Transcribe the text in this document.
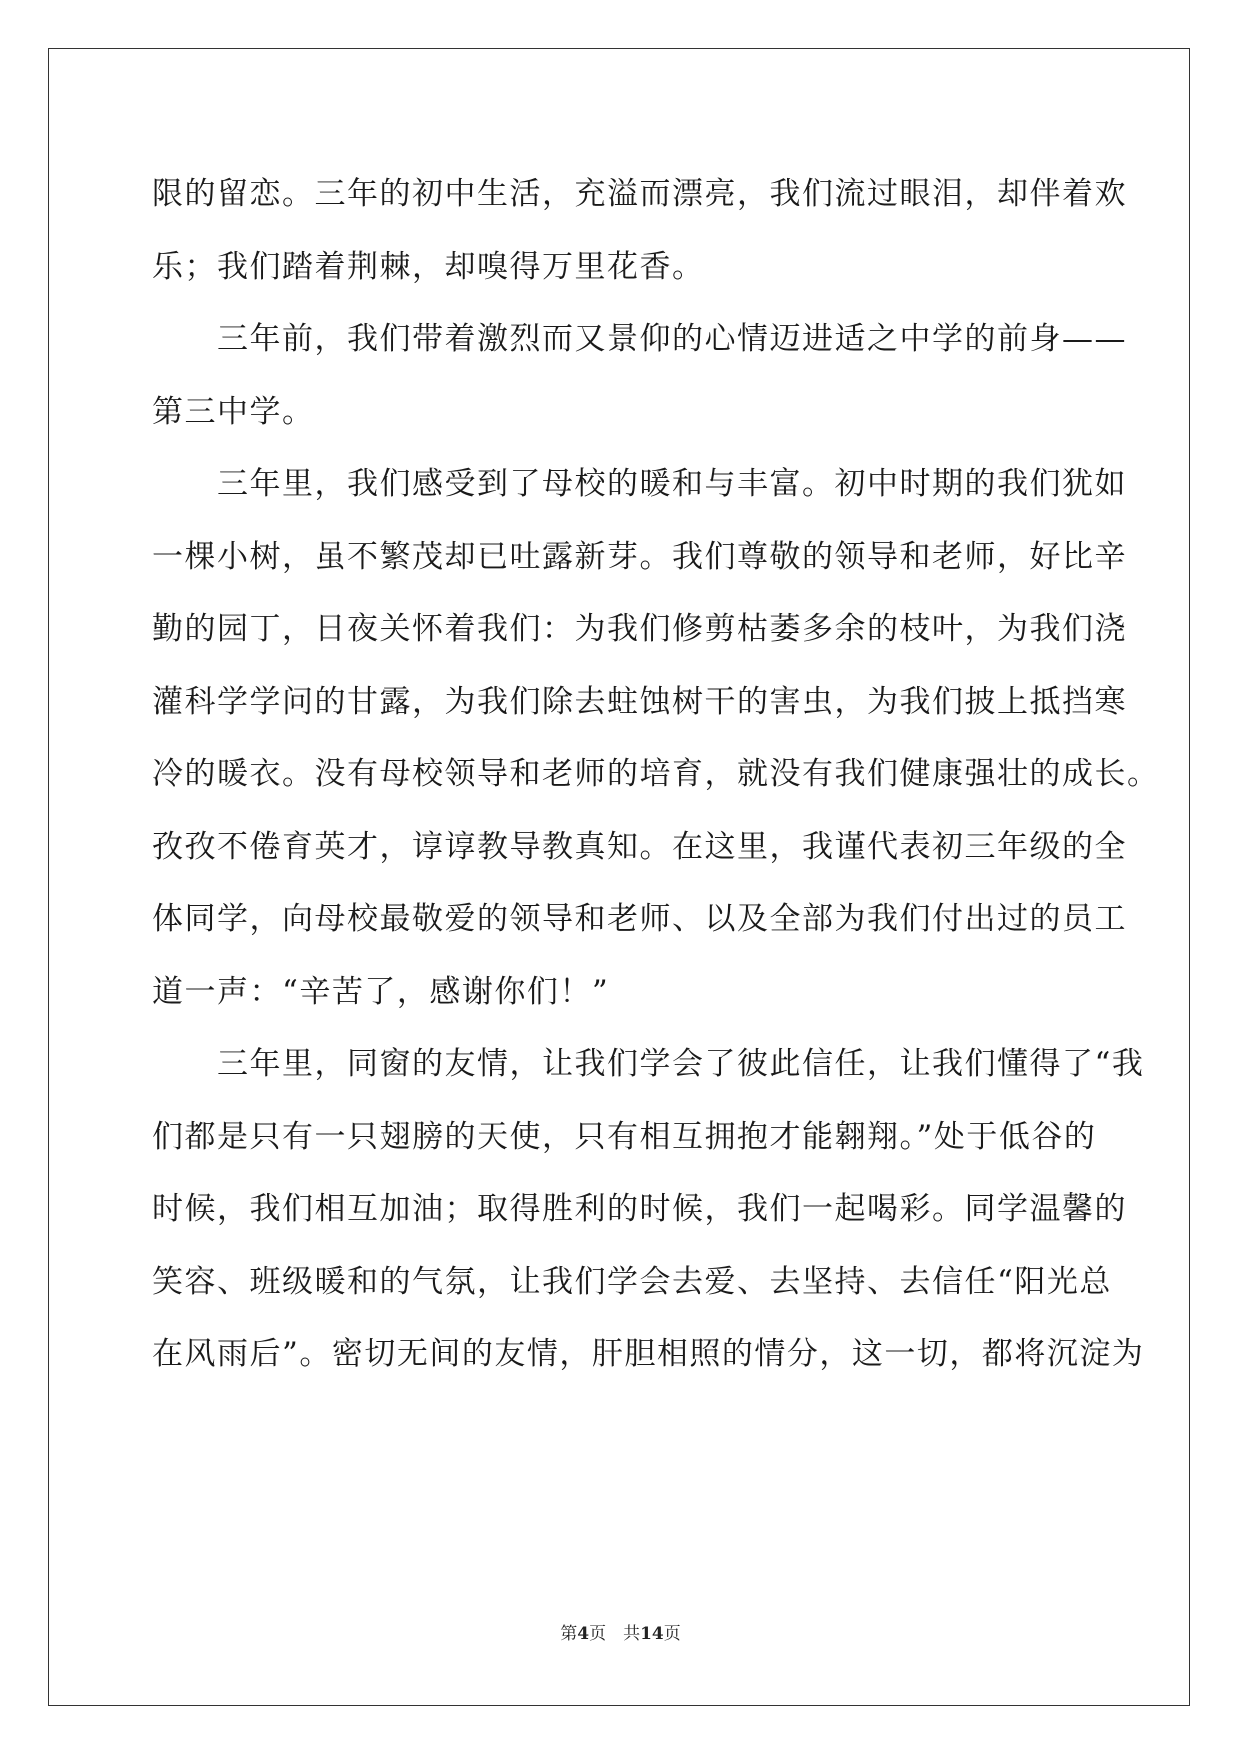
限的留恋。三年的初中生活，充溢而漂亮，我们流过眼泪，却伴着欢
乐；我们踏着荆棘，却嗅得万里花香。
　　三年前，我们带着激烈而又景仰的心情迈进适之中学的前身——
第三中学。
　　三年里，我们感受到了母校的暖和与丰富。初中时期的我们犹如
一棵小树，虽不繁茂却已吐露新芽。我们尊敬的领导和老师，好比辛
勤的园丁，日夜关怀着我们：为我们修剪枯萎多余的枝叶，为我们浇
灌科学学问的甘露，为我们除去蛀蚀树干的害虫，为我们披上抵挡寒
冷的暖衣。没有母校领导和老师的培育，就没有我们健康强壮的成长。
孜孜不倦育英才，谆谆教导教真知。在这里，我谨代表初三年级的全
体同学，向母校最敬爱的领导和老师、以及全部为我们付出过的员工
道一声：“辛苦了，感谢你们！”
　　三年里，同窗的友情，让我们学会了彼此信任，让我们懂得了“我
们都是只有一只翅膀的天使，只有相互拥抱才能翱翔。”处于低谷的
时候，我们相互加油；取得胜利的时候，我们一起喝彩。同学温馨的
笑容、班级暖和的气氛，让我们学会去爱、去坚持、去信任“阳光总
在风雨后”。密切无间的友情，肝胆相照的情分，这一切，都将沉淀为
第4页　共14页
